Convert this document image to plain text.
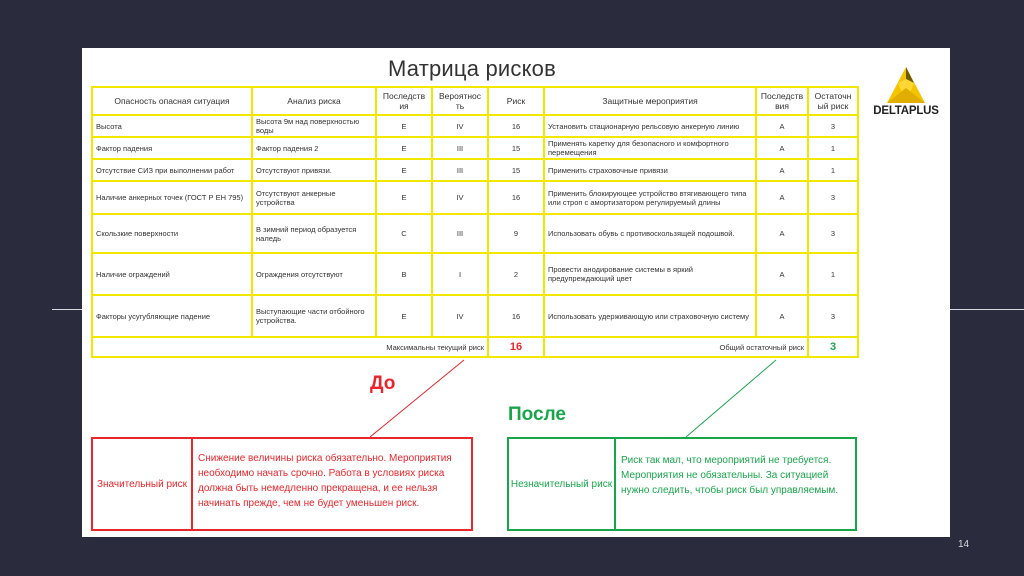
14
Матрица рисков
DELTAPLUS
Опасность опасная ситуация	Анализ риска	Последств ия	Вероятнос ть	Риск	Защитные мероприятия	Последств вия	Остаточн ый риск
Высота	Высота 9м над поверхностью воды	E	IV	16	Установить стационарную рельсовую анкерную линию	A	3
Фактор падения	Фактор падения 2	E	III	15	Применять каретку для безопасного и комфортного перемещения	A	1
Отсутствие СИЗ при выполнении работ	Отсутствуют привязи.	E	III	15	Применить страховочные привязи	A	1
Наличие анкерных точек (ГОСТ Р ЕН 795)	Отсутствуют анкерные устройства	E	IV	16	Применить блокирующее устройство втягивающего типа или строп с амортизатором регулируемый длины	A	3
Скользкие поверхности	В зимний период образуется наледь	C	III	9	Использовать обувь с противоскользящей подошвой.	A	3
Наличие ограждений	Ограждения отсутствуют	B	I	2	Провести анодирование системы в яркий предупреждающий цвет	A	1
Факторы усугубляющие падение	Выступающие части отбойного устройства.	E	IV	16	Использовать удерживающую или страховочную систему	A	3
Максимальны текущий риск				16	Общий остаточный риск		3
До
После
Значительный риск
Снижение величины риска обязательно. Мероприятия необходимо начать срочно. Работа в условиях риска должна быть немедленно прекращена, и ее нельзя начинать прежде, чем не будет уменьшен риск.
Незначительный риск
Риск так мал, что мероприятий не требуется. Мероприятия не обязательны. За ситуацией нужно следить, чтобы риск был управляемым.
